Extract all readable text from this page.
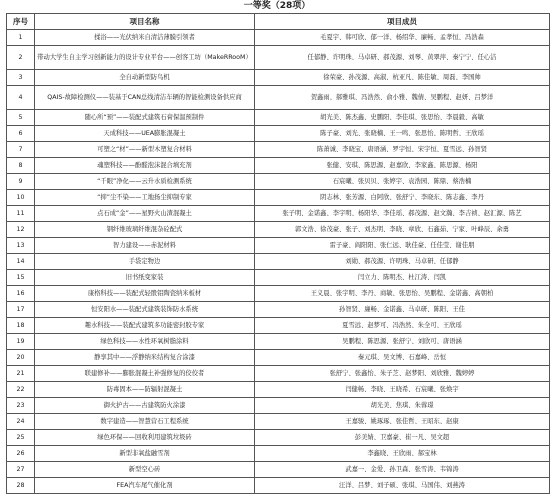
一等奖（28项）
序号	项目名称	项目成员
1	揉浴——光伏纳米自清洁薄膜引领者	毛夏宇、韩可欣、郁一洋、杨绍华、廉畅、孟孝恒、冯浩森
2	带动大学生自主学习创新能力的设计专业平台——创客工坊（MakeRRooM）	任郁静、许明珠、马卓研、郝茂源、刘琴、黄翠萍、秦宁宁、任心洁
3	全自动新型防鸟机	徐荣豪、孙茂源、高淑、杭亚凡、陈佳敏、周磊、李国帅
4	QAIS-故障检测仪——装基于CAN总线清洁车辆的智能检测设备供应商	贺鑫雨、郝雅琪、冯浩然、俞小雅、魏倩、吴鹏程、赵妍、吕梦洋
5	随心所“预”——装配式建筑石膏保温预制件	胡光美、陈杰鑫、史鹏阳、李佳琪、张思怡、李晨毅、高敏
6	天成科技——UEA膨胀混凝土	陈子豪、刘光、张晓楠、王一鸣、张思怡、陈明哲、王欣瑶
7	可塑之“材”——新型木塑复合材料	陈萧诚、李晓宝、唐语涵、罗宇恒、宋宇恒、夏雪远、孙智贤
8	魂塑科技——酚醛泡沫混合填充剂	张健、安琪、陈思源、赵嘉欣、李家鑫、陈思源、杨阳
9	“千眼”净化——云升水质检测系统	石宸曦、张贝贝、张婷宇、袁浩园、陈鼎、蔡浩楠
10	“抑”尘不染——工地扬尘抑制专家	阴志林、张芳源、白阿欣、张舒宁、李晓东、陈志鑫、李丹
11	点石成“金”——星野火山渣混凝土	张子明、金诺鑫、李宇明、杨阳华、李佳瑶、郝茂源、赵文瀚、李吉祯、赵汇源、陈艺
12	钢纤维玻璃纤维混杂砼配式	郭文浩、徐茂豪、张子、刘杰明、李晓、章欣、石鑫茹、宁家、叶峰辰、余勇
13	智力建设——赤泥材料	雷子豪、阎阳阳、张仁远、耿佳豪、任佳莹、谢佳朋
14	手袋定物边	刘勋、郝茂源、许明珠、马卓研、任郁静
15	旧书纸变家装	闫立力、陈明杰、杜江涛、闫凯
16	康格科技——装配式轻骰铝陶瓷纳米板材	王义晨、张宇明、李丹、商敏、张思怡、吴鹏程、金诺鑫、高朝柏
17	恒安阳水——装配式建筑装饰防水系统	孙智贤、廉畅、金诺鑫、马卓研、陈阳、王佳
18	趣水科技——装配式建筑多功能密封胶专家	夏雪远、赵梦可、冯浩然、朱全可、王欣瑶
19	绿色科技——水性环氧树脂涂料	吴鹏程、陈思源、张舒宁、刘欣可、唐语涵
20	静享其中——浮静纳米结构复合涂漆	秦元琪、吴文博、石嘉峰、岳恒
21	联建修补——膨胀混凝土补强修复的佼佼者	张舒宁、张鑫怡、朱子芝、赵梦阳、刘欣雅、魏婷婷
22	防毒固本——防辐射混凝土	闫健畅、李晓、王晓希、石宸曦、张焕宇
23	御火护古——古建筑防火涂漆	胡光美、焦琪、朱蓉璟
24	数字建造——智慧营石工程系统	王嘉骏、姚琢琢、张佳哲、王昭东、赵康
25	绿色环保——回收利用建筑垃圾砖	彭美婧、卫嘉豪、崔一凡、吴文超
26	新型非氧盐融雪剂	李鑫晓、王欣雨、郝宝林
27	新型空心砖	武嘉一、金爱、孙卫森、张雪涛、韦锦涛
28	FEA汽车尾气催化剂	汪洋、吕梦、刘子硕、张琪、马国伟、刘燕涛
